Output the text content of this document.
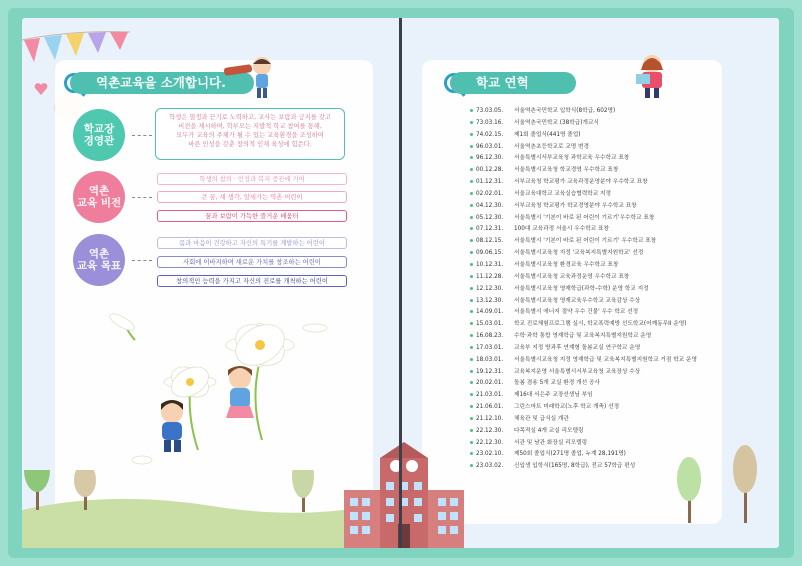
역촌교육을 소개합니다.
학교장
경영관
학생은 열정과 끈기로 노력하고, 교사는 보람과 긍지를 갖고
비전을 제시하며, 학부모는 지발적 학교 참여를 통해,
모두가 교육의 주체가 될 수 있는 교육환경을 조성하여
바른 인성을 갖춘 창의적 인재 육성에 힘쓴다.
역촌
교육 비전
학생의 참의 · 인성과 복지 증진에 기여
큰 꿈, 새 생각, 알세가는 역촌 어린이
꿈과 보람이 가득한 즐거운 배움터
역촌
교육 목표
몸과 마음이 건강하고 자신의 특기를 계발하는 어린이
사회에 이바지하며 새로운 가치를 창조하는 어린이
창의적인 능력을 가지고 자신의 진로를 개척하는 어린이
학교 연혁
73.03.05. 서울역촌국민학교 입학식(8학급, 602명)
73.03.16. 서울역촌국민학교 (38학급)개교식
74.02.15. 제1회 졸업식(441명 졸업)
96.03.01. 서울역촌초등학교로 교명 변경
96.12.30. 서울특별시서부교육청 과학교육 우수학교 표창
00.12.28. 서울특별시교육청 학교경영 우수학교 표창
01.12.31. 서부교육청 학교평가 교육과정운영분야 우수학교 표창
02.02.01. 서울교육대학교 교육실습협력학교 지정
04.12.30. 서부교육청 학교평가 학교경영분야 우수학교 표창
05.12.30. 서울특별시 '기본이 바로 된 어린이 기르기'우수학교 표창
07.12.31. 100대 교육과정 서울시 우수학교 표창
08.12.15. 서울특별시 '기본이 바로 된 어린이 기르기' 우수학교 표창
09.06.15. 서울특별시교육청 지정 '교육복지특별지원학교' 선정
10.12.31. 서울특별시교육청 환경교육 우수학교 표창
11.12.28. 서울특별시교육청 교육과정운영 우수학교 표창
12.12.30. 서울특별시교육청 영재학급(과학-수학) 운영 학교 지정
13.12.30. 서울특별시교육청 영재교육우수학교 교육감상 수상
14.09.01. 서울특별시 에너지 절약 우수 건물' 우수 학교 선정
15.03.01. 학교 진로체험프로그램 실시, 학교폭력예방 선도학교(어깨동무II 운영)
16.08.23. 수학·과학 통합 영재학급 및 교육복지특별지원학교 운영
17.03.01. 교육부 지정 방과후 연계형 돌봄교실 연구학교 운영
18.03.01. 서울특별시교육청 지정 영재학급 및 교육복지특별지원학교 거점 학교 운영
19.12.31. 교육복지운영 서울특별시서부교육청 교육장상 수상
20.02.01. 돌봄 겸용 5개 교실 환경 개선 공사
21.03.01. 제16대 서은주 교장선생님 부임
21.06.01. 그린스마트 미래학교(노후 학교 개축) 선정
21.12.10. 체육관 및 급식실 개관
22.12.30. 다목적실 4개 교실 리모델링
22.12.30. 서관 및 남관 화장실 리모델링
23.02.10. 제50회 졸업식(271명 졸업, 누계 28,191명)
23.03.02. 신입생 입학식(165명, 8학급), 전교 57학급 편성
